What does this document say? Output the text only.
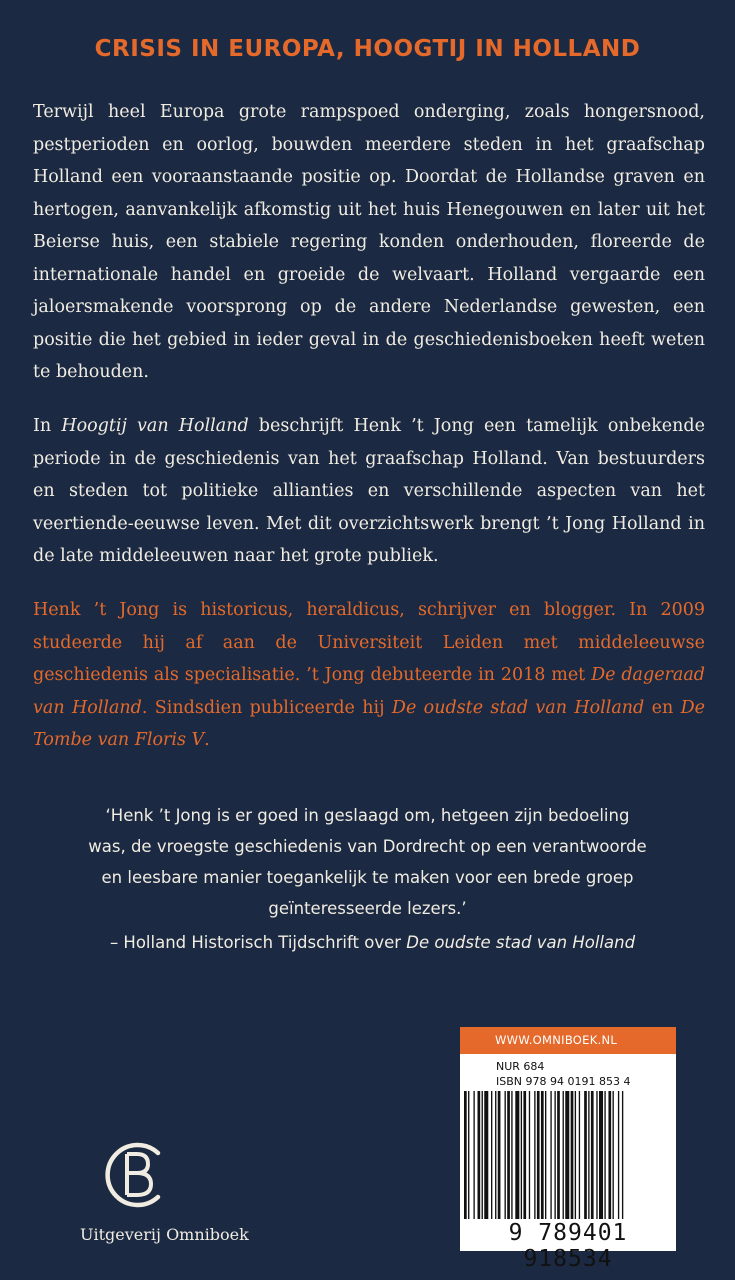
CRISIS IN EUROPA, HOOGTIJ IN HOLLAND

Terwijl heel Europa grote rampspoed onderging, zoals hongersnood, pestperioden en oorlog, bouwden meerdere steden in het graafschap Holland een vooraanstaande positie op. Doordat de Hollandse graven en hertogen, aanvankelijk afkomstig uit het huis Henegouwen en later uit het Beierse huis, een stabiele regering konden onderhouden, floreerde de internationale handel en groeide de welvaart. Holland vergaarde een jaloersmakende voorsprong op de andere Nederlandse gewesten, een positie die het gebied in ieder geval in de geschiedenisboeken heeft weten te behouden.

In Hoogtij van Holland beschrijft Henk ’t Jong een tamelijk onbekende periode in de geschiedenis van het graafschap Holland. Van bestuurders en steden tot politieke allianties en verschillende aspecten van het veertiende-eeuwse leven. Met dit overzichtswerk brengt ’t Jong Holland in de late middeleeuwen naar het grote publiek.

Henk ’t Jong is historicus, heraldicus, schrijver en blogger. In 2009 studeerde hij af aan de Universiteit Leiden met middeleeuwse geschiedenis als specialisatie. ’t Jong debuteerde in 2018 met De dageraad van Holland. Sindsdien publiceerde hij De oudste stad van Holland en De Tombe van Floris V.

‘Henk ’t Jong is er goed in geslaagd om, hetgeen zijn bedoeling
was, de vroegste geschiedenis van Dordrecht op een verantwoorde
en leesbare manier toegankelijk te maken voor een brede groep
geïnteresseerde lezers.’
– Holland Historisch Tijdschrift over De oudste stad van Holland
Uitgeverij Omniboek
WWW.OMNIBOEK.NL
NUR 684
ISBN 978 94 0191 853 4
9 789401 918534
